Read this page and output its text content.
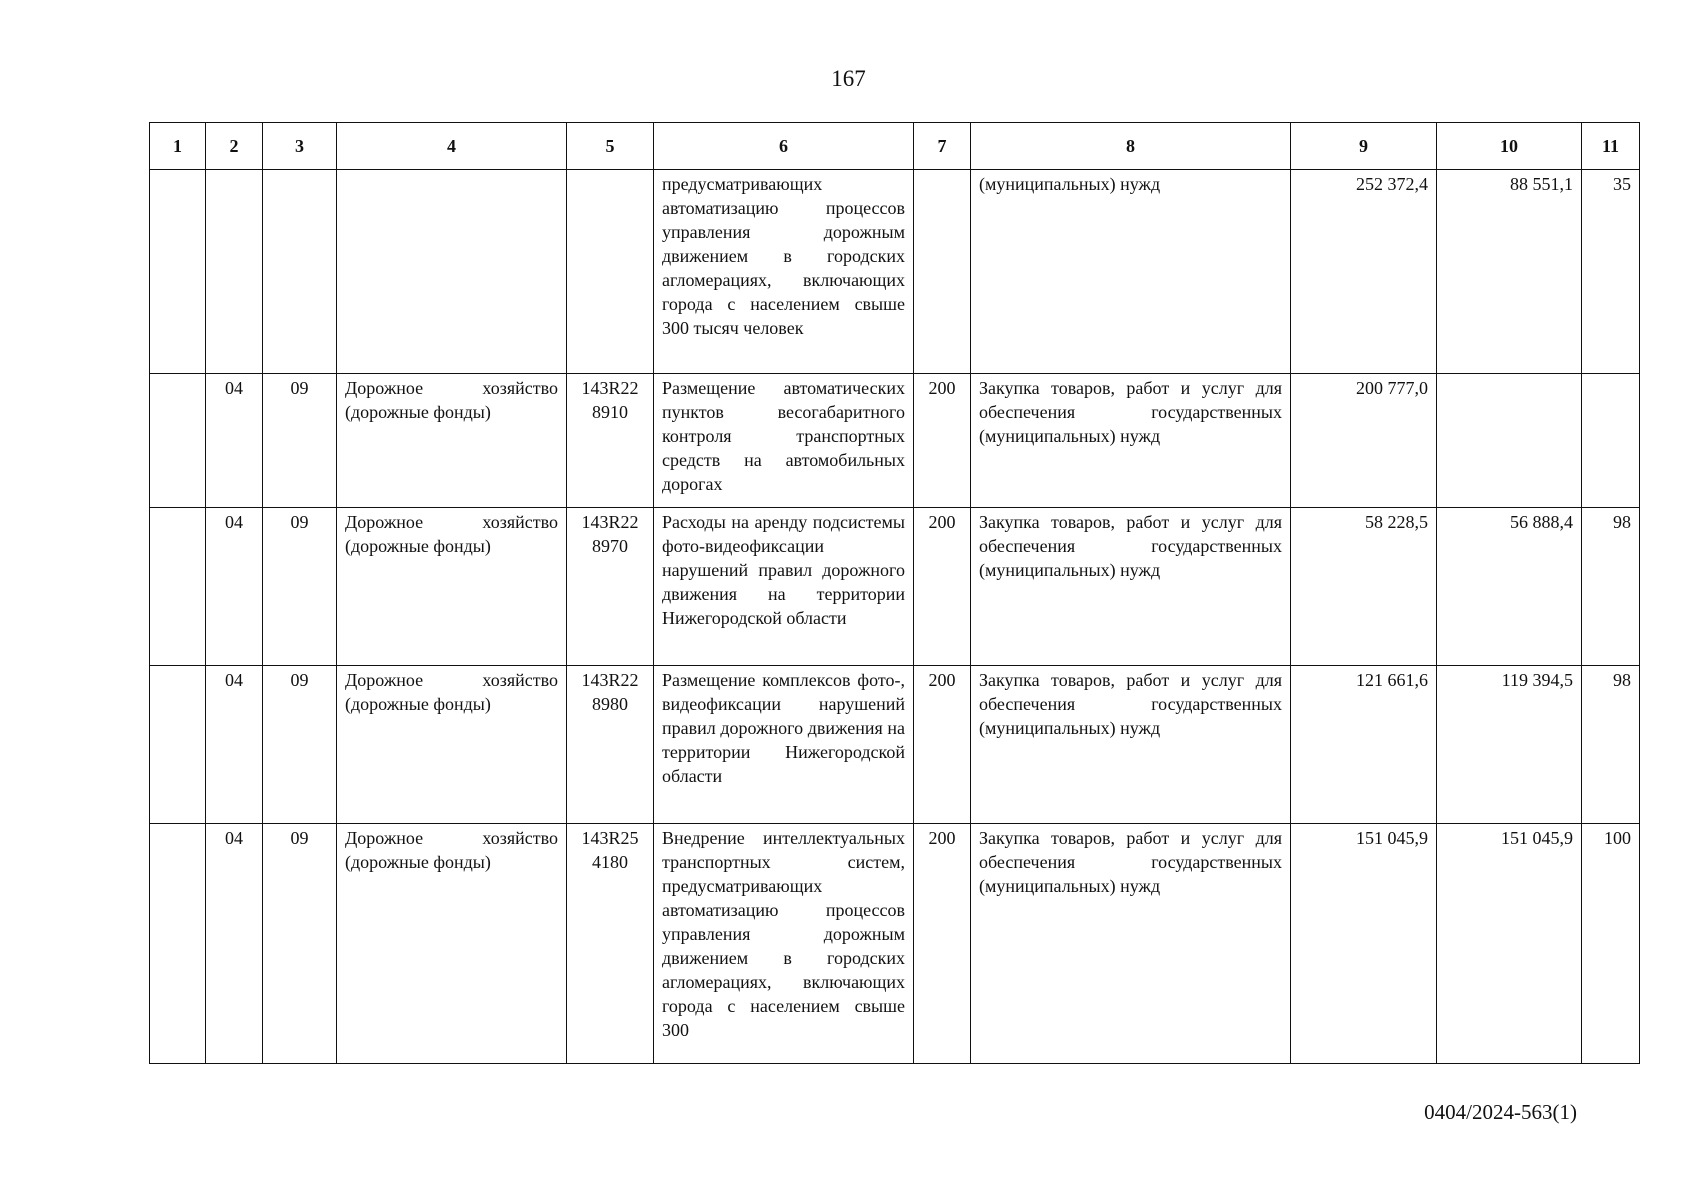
167
1	2	3	4	5	6	7	8	9	10	11
					предусматривающих автоматизацию процессов управления дорожным движением в городских агломерациях, включающих города с населением свыше 300 тысяч человек		(муниципальных) нужд	252 372,4	88 551,1	35
	04	09	Дорожное хозяйство (дорожные фонды)	143R22 8910	Размещение автоматических пунктов весогабаритного контроля транспортных средств на автомобильных дорогах	200	Закупка товаров, работ и услуг для обеспечения государственных (муниципальных) нужд	200 777,0		
	04	09	Дорожное хозяйство (дорожные фонды)	143R22 8970	Расходы на аренду подсистемы фото-видеофиксации нарушений правил дорожного движения на территории Нижегородской области	200	Закупка товаров, работ и услуг для обеспечения государственных (муниципальных) нужд	58 228,5	56 888,4	98
	04	09	Дорожное хозяйство (дорожные фонды)	143R22 8980	Размещение комплексов фото-, видеофиксации нарушений правил дорожного движения на территории Нижегородской области	200	Закупка товаров, работ и услуг для обеспечения государственных (муниципальных) нужд	121 661,6	119 394,5	98
	04	09	Дорожное хозяйство (дорожные фонды)	143R25 4180	Внедрение интеллектуальных транспортных систем, предусматривающих автоматизацию процессов управления дорожным движением в городских агломерациях, включающих города с населением свыше 300	200	Закупка товаров, работ и услуг для обеспечения государственных (муниципальных) нужд	151 045,9	151 045,9	100
0404/2024-563(1)
